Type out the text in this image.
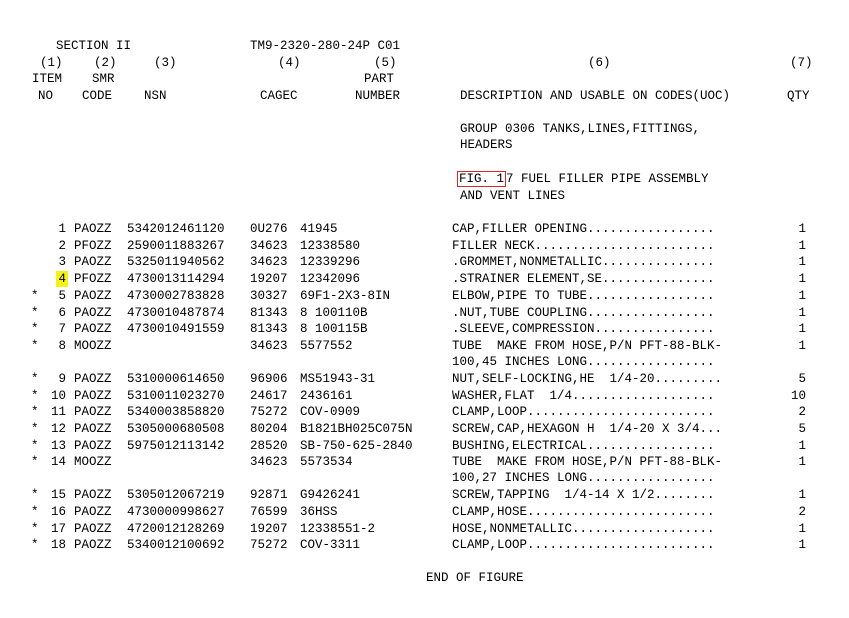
SECTION II	TM9-2320-280-24P C01
(1)	(2)	(3)	(4)	(5)	(6)	(7)
ITEM SMR	PART
NO CODE	NSN	CAGEC	NUMBER	DESCRIPTION AND USABLE ON CODES(UOC)	QTY
GROUP 0306 TANKS,LINES,FITTINGS,
HEADERS
FIG. 1 7 FUEL FILLER PIPE ASSEMBLY
AND VENT LINES
1 PAOZZ 5342012461120 0U276 41945	CAP,FILLER OPENING.................	1
2 PFOZZ 2590011883267 34623 12338580	FILLER NECK........................	1
3 PAOZZ 5325011940562 34623 12339296	.GROMMET,NONMETALLIC...............	1
4 PFOZZ 4730013114294 19207 12342096	.STRAINER ELEMENT,SE...............	1
* 5 PAOZZ 4730002783828 30327 69F1-2X3-8IN	ELBOW,PIPE TO TUBE.................	1
* 6 PAOZZ 4730010487874 81343 8 100110B	.NUT,TUBE COUPLING.................	1
* 7 PAOZZ 4730010491559 81343 8 100115B	.SLEEVE,COMPRESSION................	1
* 8 MOOZZ	34623 5577552	TUBE  MAKE FROM HOSE,P/N PFT-88-BLK-	1
100,45 INCHES LONG.................
* 9 PAOZZ 5310000614650 96906 MS51943-31	NUT,SELF-LOCKING,HE  1/4-20.........	5
* 10 PAOZZ 5310011023270 24617 2436161	WASHER,FLAT  1/4...................	10
* 11 PAOZZ 5340003858820 75272 COV-0909	CLAMP,LOOP.........................	2
* 12 PAOZZ 5305000680508 80204 B1821BH025C075N	SCREW,CAP,HEXAGON H  1/4-20 X 3/4...	5
* 13 PAOZZ 5975012113142 28520 SB-750-625-2840	BUSHING,ELECTRICAL.................	1
* 14 MOOZZ	34623 5573534	TUBE  MAKE FROM HOSE,P/N PFT-88-BLK-	1
100,27 INCHES LONG.................
* 15 PAOZZ 5305012067219 92871 G9426241	SCREW,TAPPING  1/4-14 X 1/2........	1
* 16 PAOZZ 4730000998627 76599 36HSS	CLAMP,HOSE.........................	2
* 17 PAOZZ 4720012128269 19207 12338551-2	HOSE,NONMETALLIC...................	1
* 18 PAOZZ 5340012100692 75272 COV-3311	CLAMP,LOOP.........................	1
END OF FIGURE
